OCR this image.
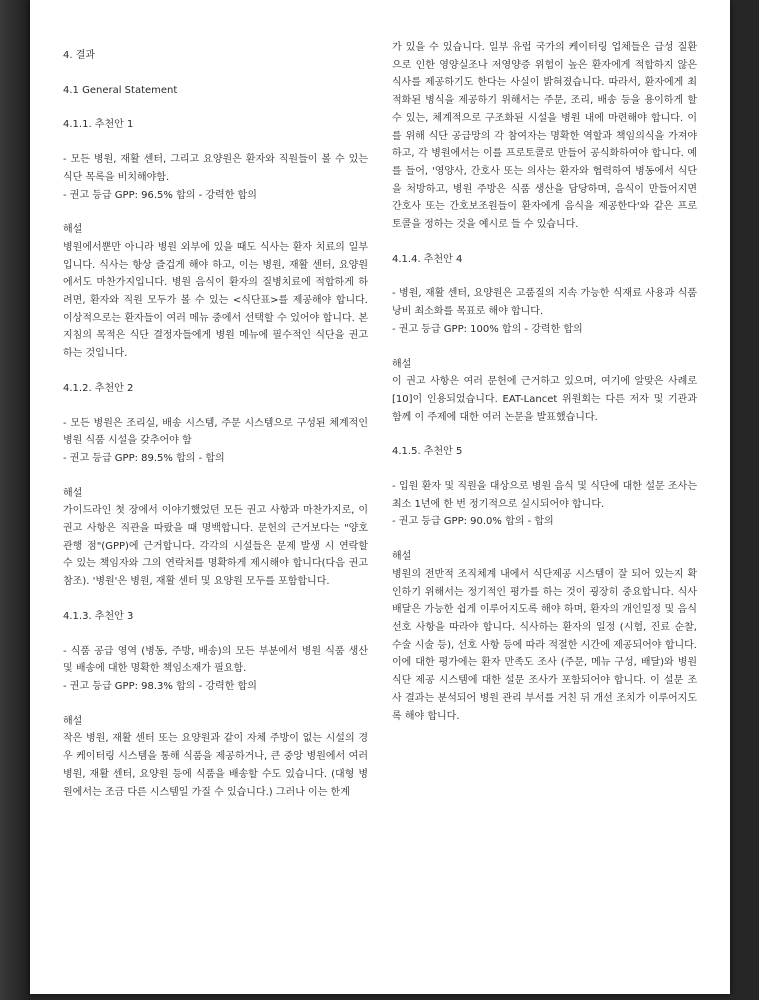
4. 결과
4.1 General Statement
4.1.1. 추천안 1

- 모든 병원, 재활 센터, 그리고 요양원은 환자와 직원들이 볼 수 있는 식단 목록을 비치해야함.

- 권고 등급 GPP: 96.5% 합의 - 강력한 합의

해설

병원에서뿐만 아니라 병원 외부에 있을 때도 식사는 환자 치료의 일부입니다. 식사는 항상 즐겁게 해야 하고, 이는 병원, 재활 센터, 요양원에서도 마찬가지입니다. 병원 음식이 환자의 질병치료에 적합하게 하려면, 환자와 직원 모두가 볼 수 있는 <식단표>를 제공해야 합니다. 이상적으로는 환자들이 여러 메뉴 중에서 선택할 수 있어야 합니다. 본 지침의 목적은 식단 결정자들에게 병원 메뉴에 필수적인 식단을 권고하는 것입니다.

4.1.2. 추천안 2

- 모든 병원은 조리실, 배송 시스템, 주문 시스템으로 구성된 체계적인 병원 식품 시설을 갖추어야 함

- 권고 등급 GPP: 89.5% 합의 - 합의

해설

가이드라인 첫 장에서 이야기했었던 모든 권고 사항과 마찬가지로, 이 권고 사항은 직관을 따랐을 때 명백합니다. 문헌의 근거보다는 "양호 관행 점"(GPP)에 근거합니다. 각각의 시설들은 문제 발생 시 연락할 수 있는 책임자와 그의 연락처를 명확하게 제시해야 합니다(다음 권고 참조). '병원'은 병원, 재활 센터 및 요양원 모두를 포함합니다.

4.1.3. 추천안 3

- 식품 공급 영역 (병동, 주방, 배송)의 모든 부분에서 병원 식품 생산 및 배송에 대한 명확한 책임소재가 필요함.

- 권고 등급 GPP: 98.3% 합의 - 강력한 합의

해설

작은 병원, 재활 센터 또는 요양원과 같이 자체 주방이 없는 시설의 경우 케이터링 시스템을 통해 식품을 제공하거나, 큰 중앙 병원에서 여러 병원, 재활 센터, 요양원 등에 식품을 배송할 수도 있습니다. (대형 병원에서는 조금 다른 시스템일 가질 수 있습니다.) 그러나 이는 한계

가 있을 수 있습니다. 일부 유럽 국가의 케이터링 업체들은 급성 질환으로 인한 영양실조나 저영양증 위험이 높은 환자에게 적합하지 않은 식사를 제공하기도 한다는 사실이 밝혀졌습니다. 따라서, 환자에게 최적화된 병식을 제공하기 위해서는 주문, 조리, 배송 등을 용이하게 할 수 있는, 체계적으로 구조화된 시설을 병원 내에 마련해야 합니다. 이를 위해 식단 공급망의 각 참여자는 명확한 역할과 책임의식을 가져야 하고, 각 병원에서는 이를 프로토콜로 만들어 공식화하여야 합니다. 예를 들어, '영양사, 간호사 또는 의사는 환자와 협력하여 병동에서 식단을 처방하고, 병원 주방은 식품 생산을 담당하며, 음식이 만들어지면 간호사 또는 간호보조원들이 환자에게 음식을 제공한다'와 같은 프로토콜을 정하는 것을 예시로 들 수 있습니다.

4.1.4. 추천안 4

- 병원, 재활 센터, 요양원은 고품질의 지속 가능한 식재료 사용과 식품 낭비 최소화를 목표로 해야 합니다.

- 권고 등급 GPP: 100% 합의 - 강력한 합의

해설

이 권고 사항은 여러 문헌에 근거하고 있으며, 여기에 알맞은 사례로 [10]이 인용되었습니다. EAT-Lancet 위원회는 다른 저자 및 기관과 함께 이 주제에 대한 여러 논문을 발표했습니다.

4.1.5. 추천안 5

- 입원 환자 및 직원을 대상으로 병원 음식 및 식단에 대한 설문 조사는 최소 1년에 한 번 정기적으로 실시되어야 합니다.

- 권고 등급 GPP: 90.0% 합의 - 합의

해설

병원의 전반적 조직체계 내에서 식단제공 시스템이 잘 되어 있는지 확인하기 위해서는 정기적인 평가를 하는 것이 굉장히 중요합니다. 식사 배달은 가능한 쉽게 이루어지도록 해야 하며, 환자의 개인일정 및 음식 선호 사항을 따라야 합니다. 식사하는 환자의 일정 (시험, 진료 순찰, 수술 시술 등), 선호 사항 등에 따라 적절한 시간에 제공되어야 합니다. 이에 대한 평가에는 환자 만족도 조사 (주문, 메뉴 구성, 배달)와 병원 식단 제공 시스템에 대한 설문 조사가 포함되어야 합니다. 이 설문 조사 결과는 분석되어 병원 관리 부서를 거친 뒤 개선 조치가 이루어지도록 해야 합니다.
